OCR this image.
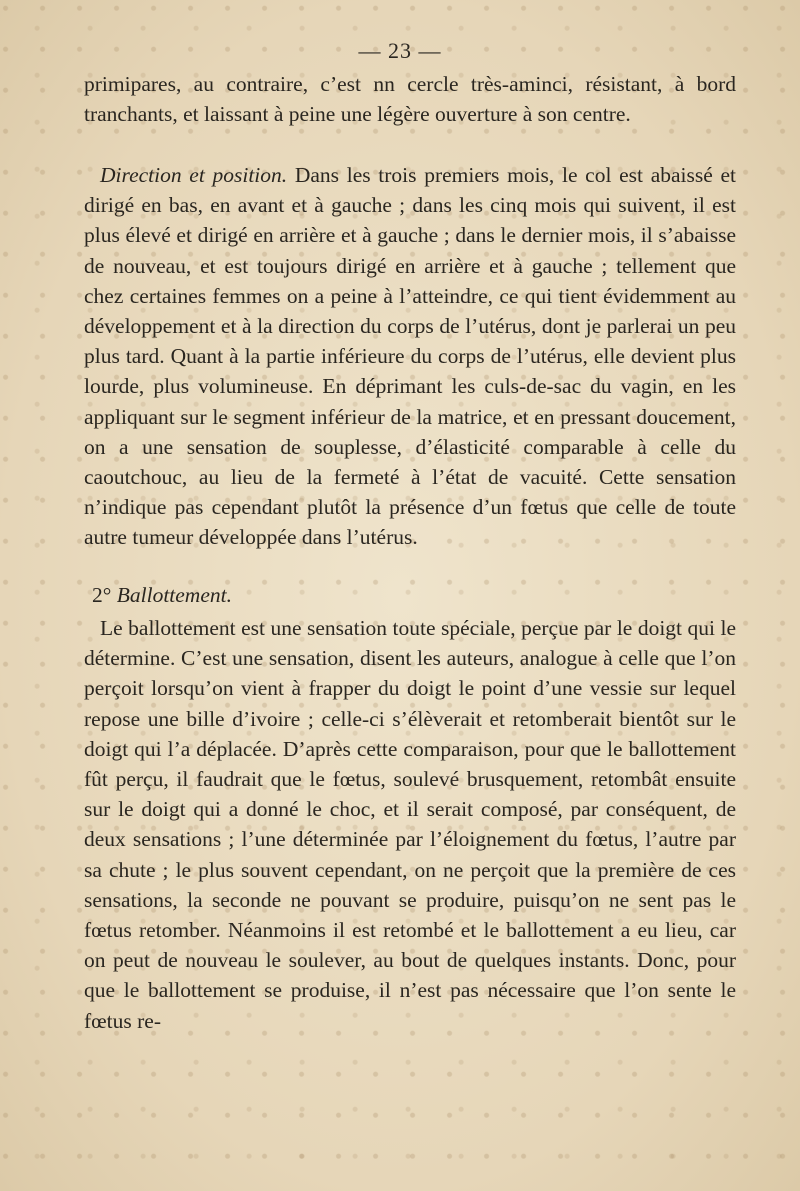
— 23 —

primipares, au contraire, c’est nn cercle très-aminci, résistant, à bord tranchants, et laissant à peine une légère ouverture à son centre.

Direction et position. Dans les trois premiers mois, le col est abaissé et dirigé en bas, en avant et à gauche ; dans les cinq mois qui suivent, il est plus élevé et dirigé en arrière et à gauche ; dans le dernier mois, il s’abaisse de nouveau, et est toujours dirigé en arrière et à gauche ; tellement que chez certaines femmes on a peine à l’atteindre, ce qui tient évidemment au développement et à la direction du corps de l’utérus, dont je parlerai un peu plus tard. Quant à la partie inférieure du corps de l’utérus, elle devient plus lourde, plus volumineuse. En déprimant les culs-de-sac du vagin, en les appliquant sur le segment inférieur de la matrice, et en pressant doucement, on a une sensation de souplesse, d’élasticité comparable à celle du caoutchouc, au lieu de la fermeté à l’état de vacuité. Cette sensation n’indique pas cependant plutôt la présence d’un fœtus que celle de toute autre tumeur développée dans l’utérus.

2° Ballottement.

Le ballottement est une sensation toute spéciale, perçue par le doigt qui le détermine. C’est une sensation, disent les auteurs, analogue à celle que l’on perçoit lorsqu’on vient à frapper du doigt le point d’une vessie sur lequel repose une bille d’ivoire ; celle-ci s’élèverait et retomberait bientôt sur le doigt qui l’a déplacée. D’après cette comparaison, pour que le ballottement fût perçu, il faudrait que le fœtus, soulevé brusquement, retombât ensuite sur le doigt qui a donné le choc, et il serait composé, par conséquent, de deux sensations ; l’une déterminée par l’éloignement du fœtus, l’autre par sa chute ; le plus souvent cependant, on ne perçoit que la première de ces sensations, la seconde ne pouvant se produire, puisqu’on ne sent pas le fœtus retomber. Néanmoins il est retombé et le ballottement a eu lieu, car on peut de nouveau le soulever, au bout de quelques instants. Donc, pour que le ballottement se produise, il n’est pas nécessaire que l’on sente le fœtus re-
